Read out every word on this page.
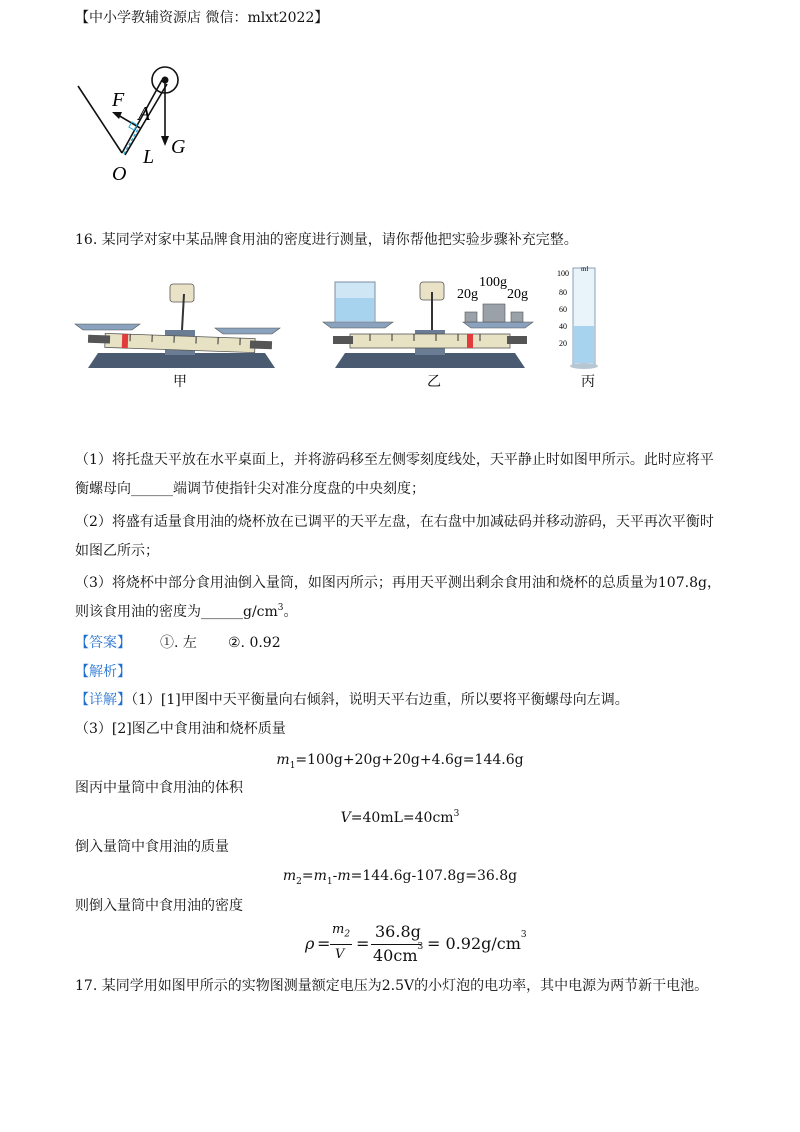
【中小学教辅资源店 微信：mlxt2022】
F
A
L
O
G
16. 某同学对家中某品牌食用油的密度进行测量，请你帮他把实验步骤补充完整。
甲
20g
100g
20g
乙
ml
100
80
60
40
20
丙
（1）将托盘天平放在水平桌面上，并将游码移至左侧零刻度线处，天平静止时如图甲所示。此时应将平
衡螺母向______端调节使指针尖对准分度盘的中央刻度；
（2）将盛有适量食用油的烧杯放在已调平的天平左盘，在右盘中加减砝码并移动游码，天平再次平衡时
如图乙所示；
（3）将烧杯中部分食用油倒入量筒，如图丙所示；再用天平测出剩余食用油和烧杯的总质量为107.8g，
则该食用油的密度为$\_\_\_\_\_\_g/cm^3$。
【答案】 ①. 左 ②. 0.92
【解析】
【详解】（1）[1]甲图中天平衡量向右倾斜，说明天平右边重，所以要将平衡螺母向左调。
（3）[2]图乙中食用油和烧杯质量
$m_1=100g+20g+20g+4.6g=144.6g$
图丙中量筒中食用油的体积
$V=40mL=40cm^3$
倒入量筒中食用油的质量
$m_2=m_1-m=144.6g-107.8g=36.8g$
则倒入量筒中食用油的密度
ρ =
$m_2$
V
=
36.8g
$40cm^3 = 0.92g/cm^3$
17. 某同学用如图甲所示的实物图测量额定电压为2.5V的小灯泡的电功率，其中电源为两节新干电池。
